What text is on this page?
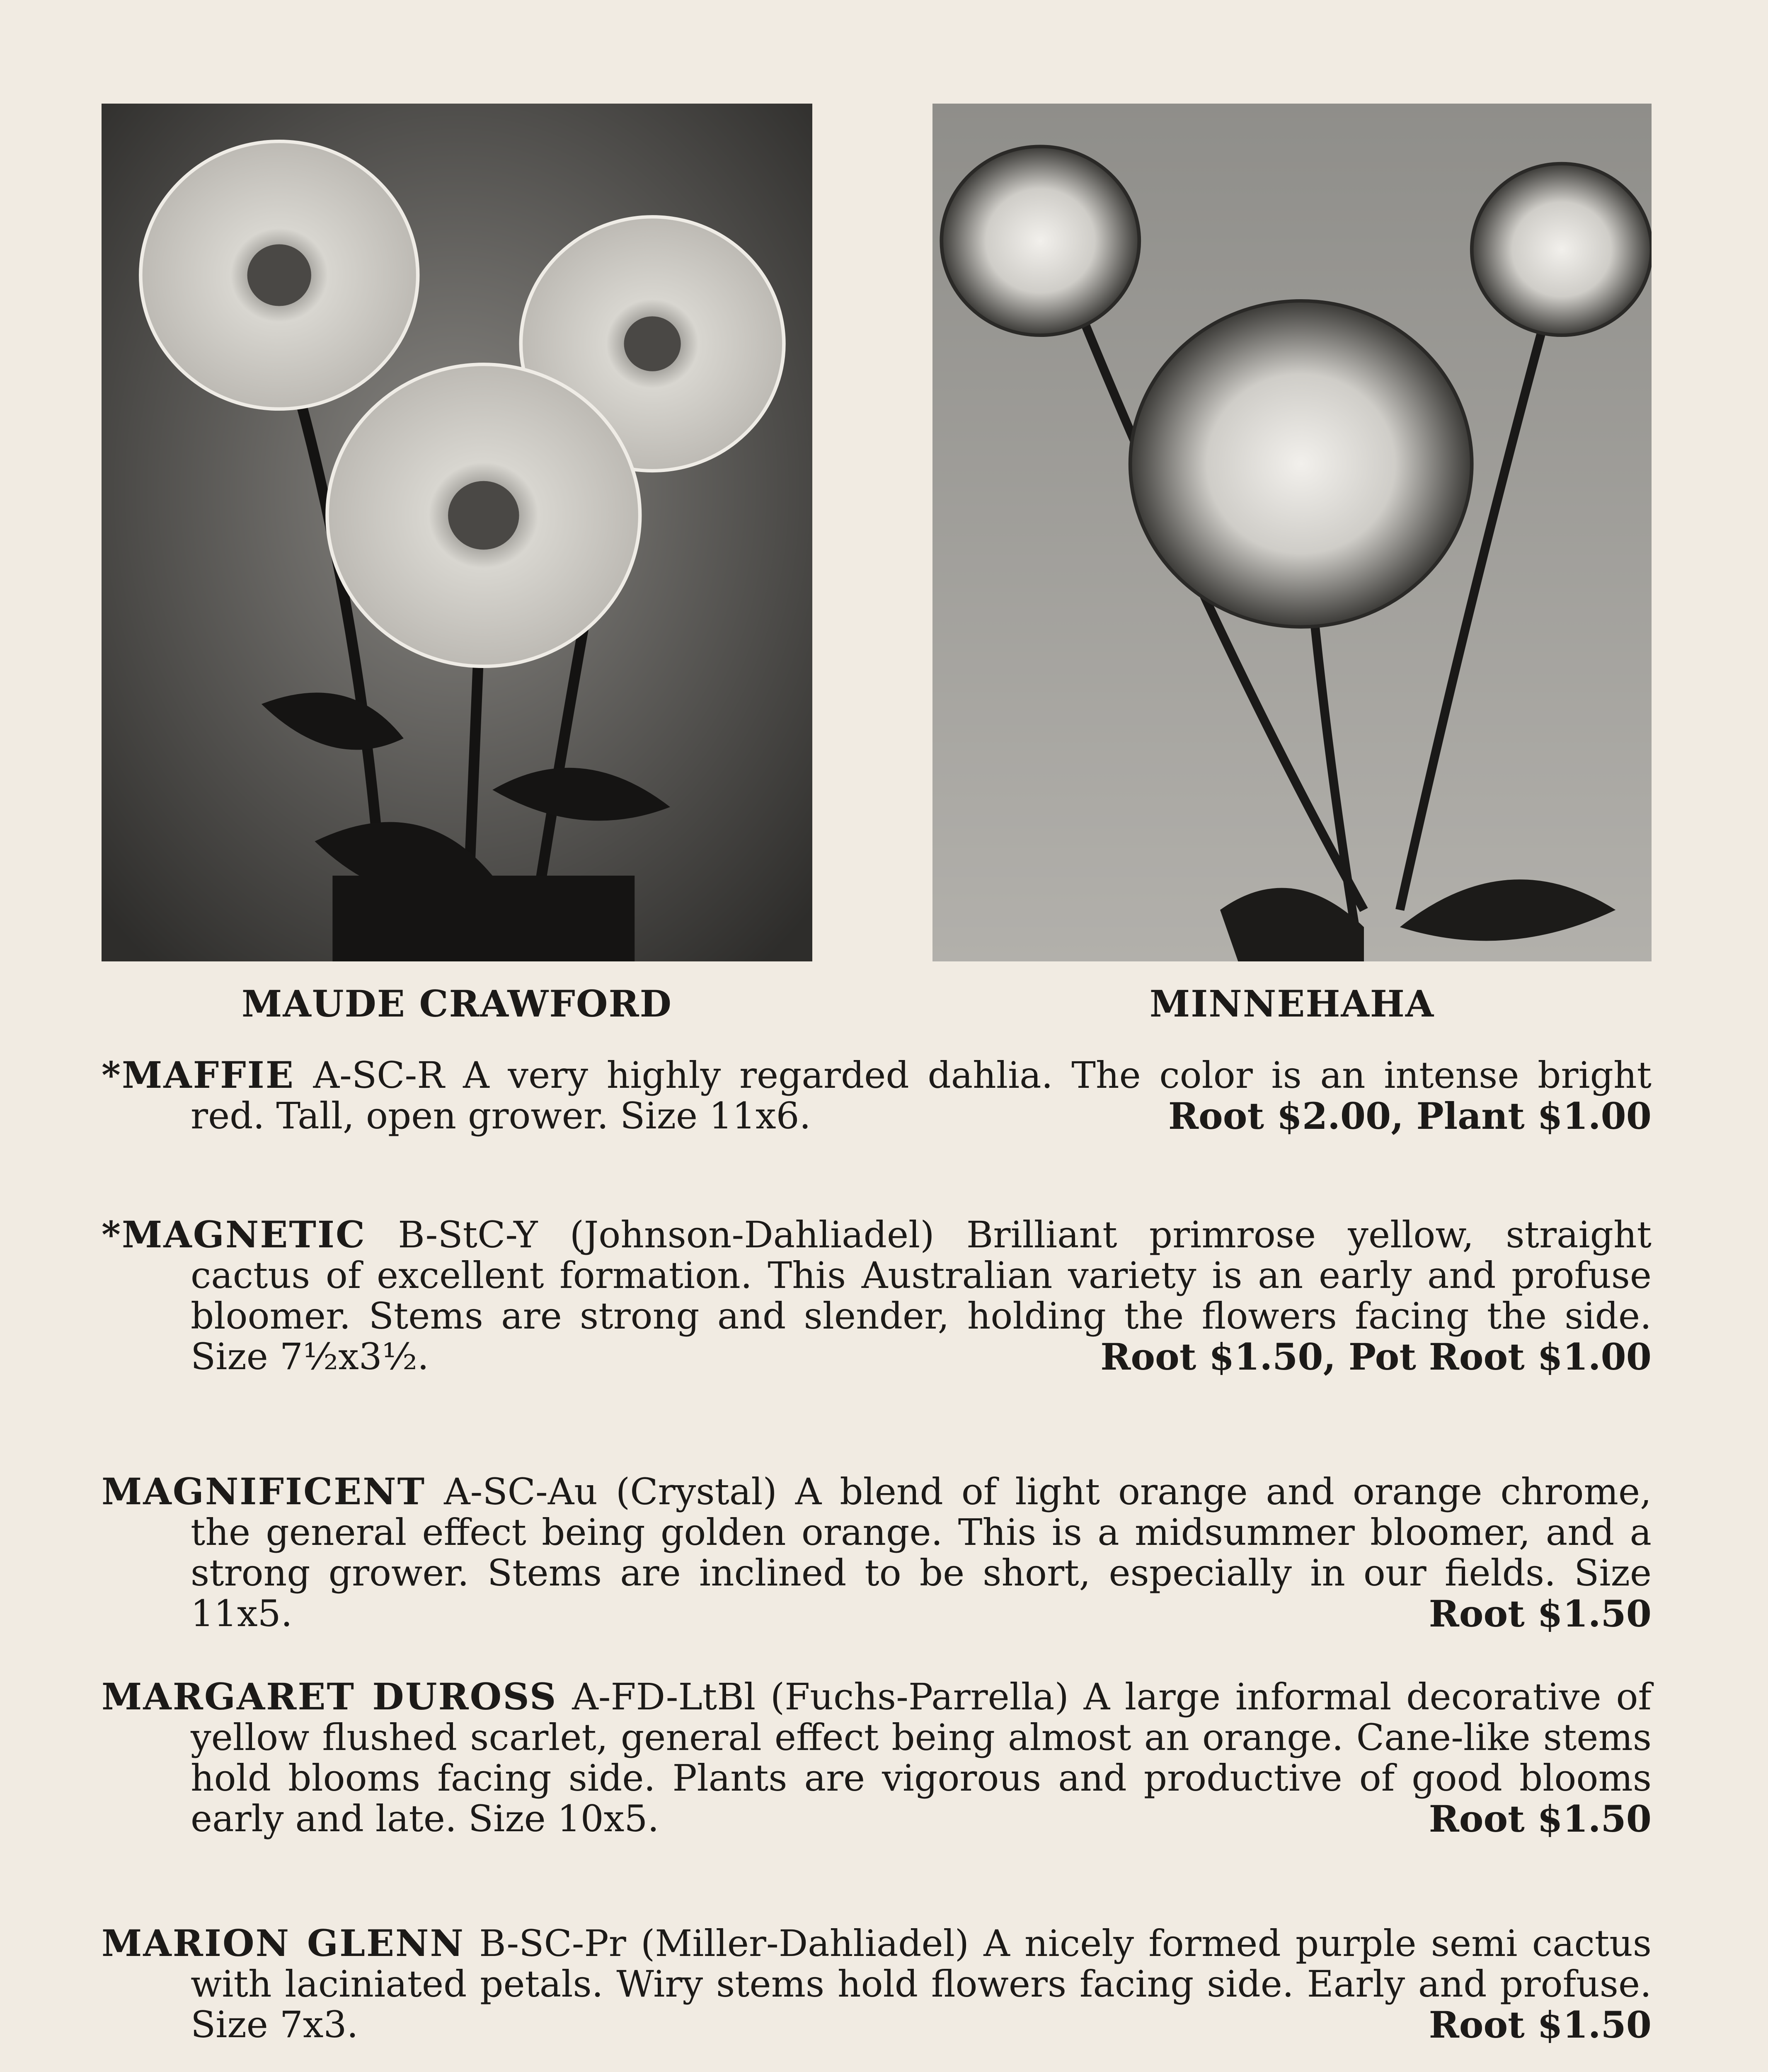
MAUDE CRAWFORD	MINNEHAHA

*MAFFIE A-SC-R A very highly regarded dahlia. The color is an intense bright red. Tall, open grower. Size 11x6.	Root $2.00, Plant $1.00

*MAGNETIC B-StC-Y (Johnson-Dahliadel) Brilliant primrose yellow, straight cactus of excellent formation. This Australian variety is an early and profuse bloomer. Stems are strong and slender, holding the flowers facing the side. Size 7½x3½.	Root $1.50, Pot Root $1.00

MAGNIFICENT A-SC-Au (Crystal) A blend of light orange and orange chrome, the general effect being golden orange. This is a midsummer bloomer, and a strong grower. Stems are inclined to be short, especially in our fields. Size 11x5.	Root $1.50

MARGARET DUROSS A-FD-LtBl (Fuchs-Parrella) A large informal decorative of yellow flushed scarlet, general effect being almost an orange. Cane-like stems hold blooms facing side. Plants are vigorous and productive of good blooms early and late. Size 10x5.	Root $1.50

MARION GLENN B-SC-Pr (Miller-Dahliadel) A nicely formed purple semi cactus with laciniated petals. Wiry stems hold flowers facing side. Early and profuse. Size 7x3.	Root $1.50
